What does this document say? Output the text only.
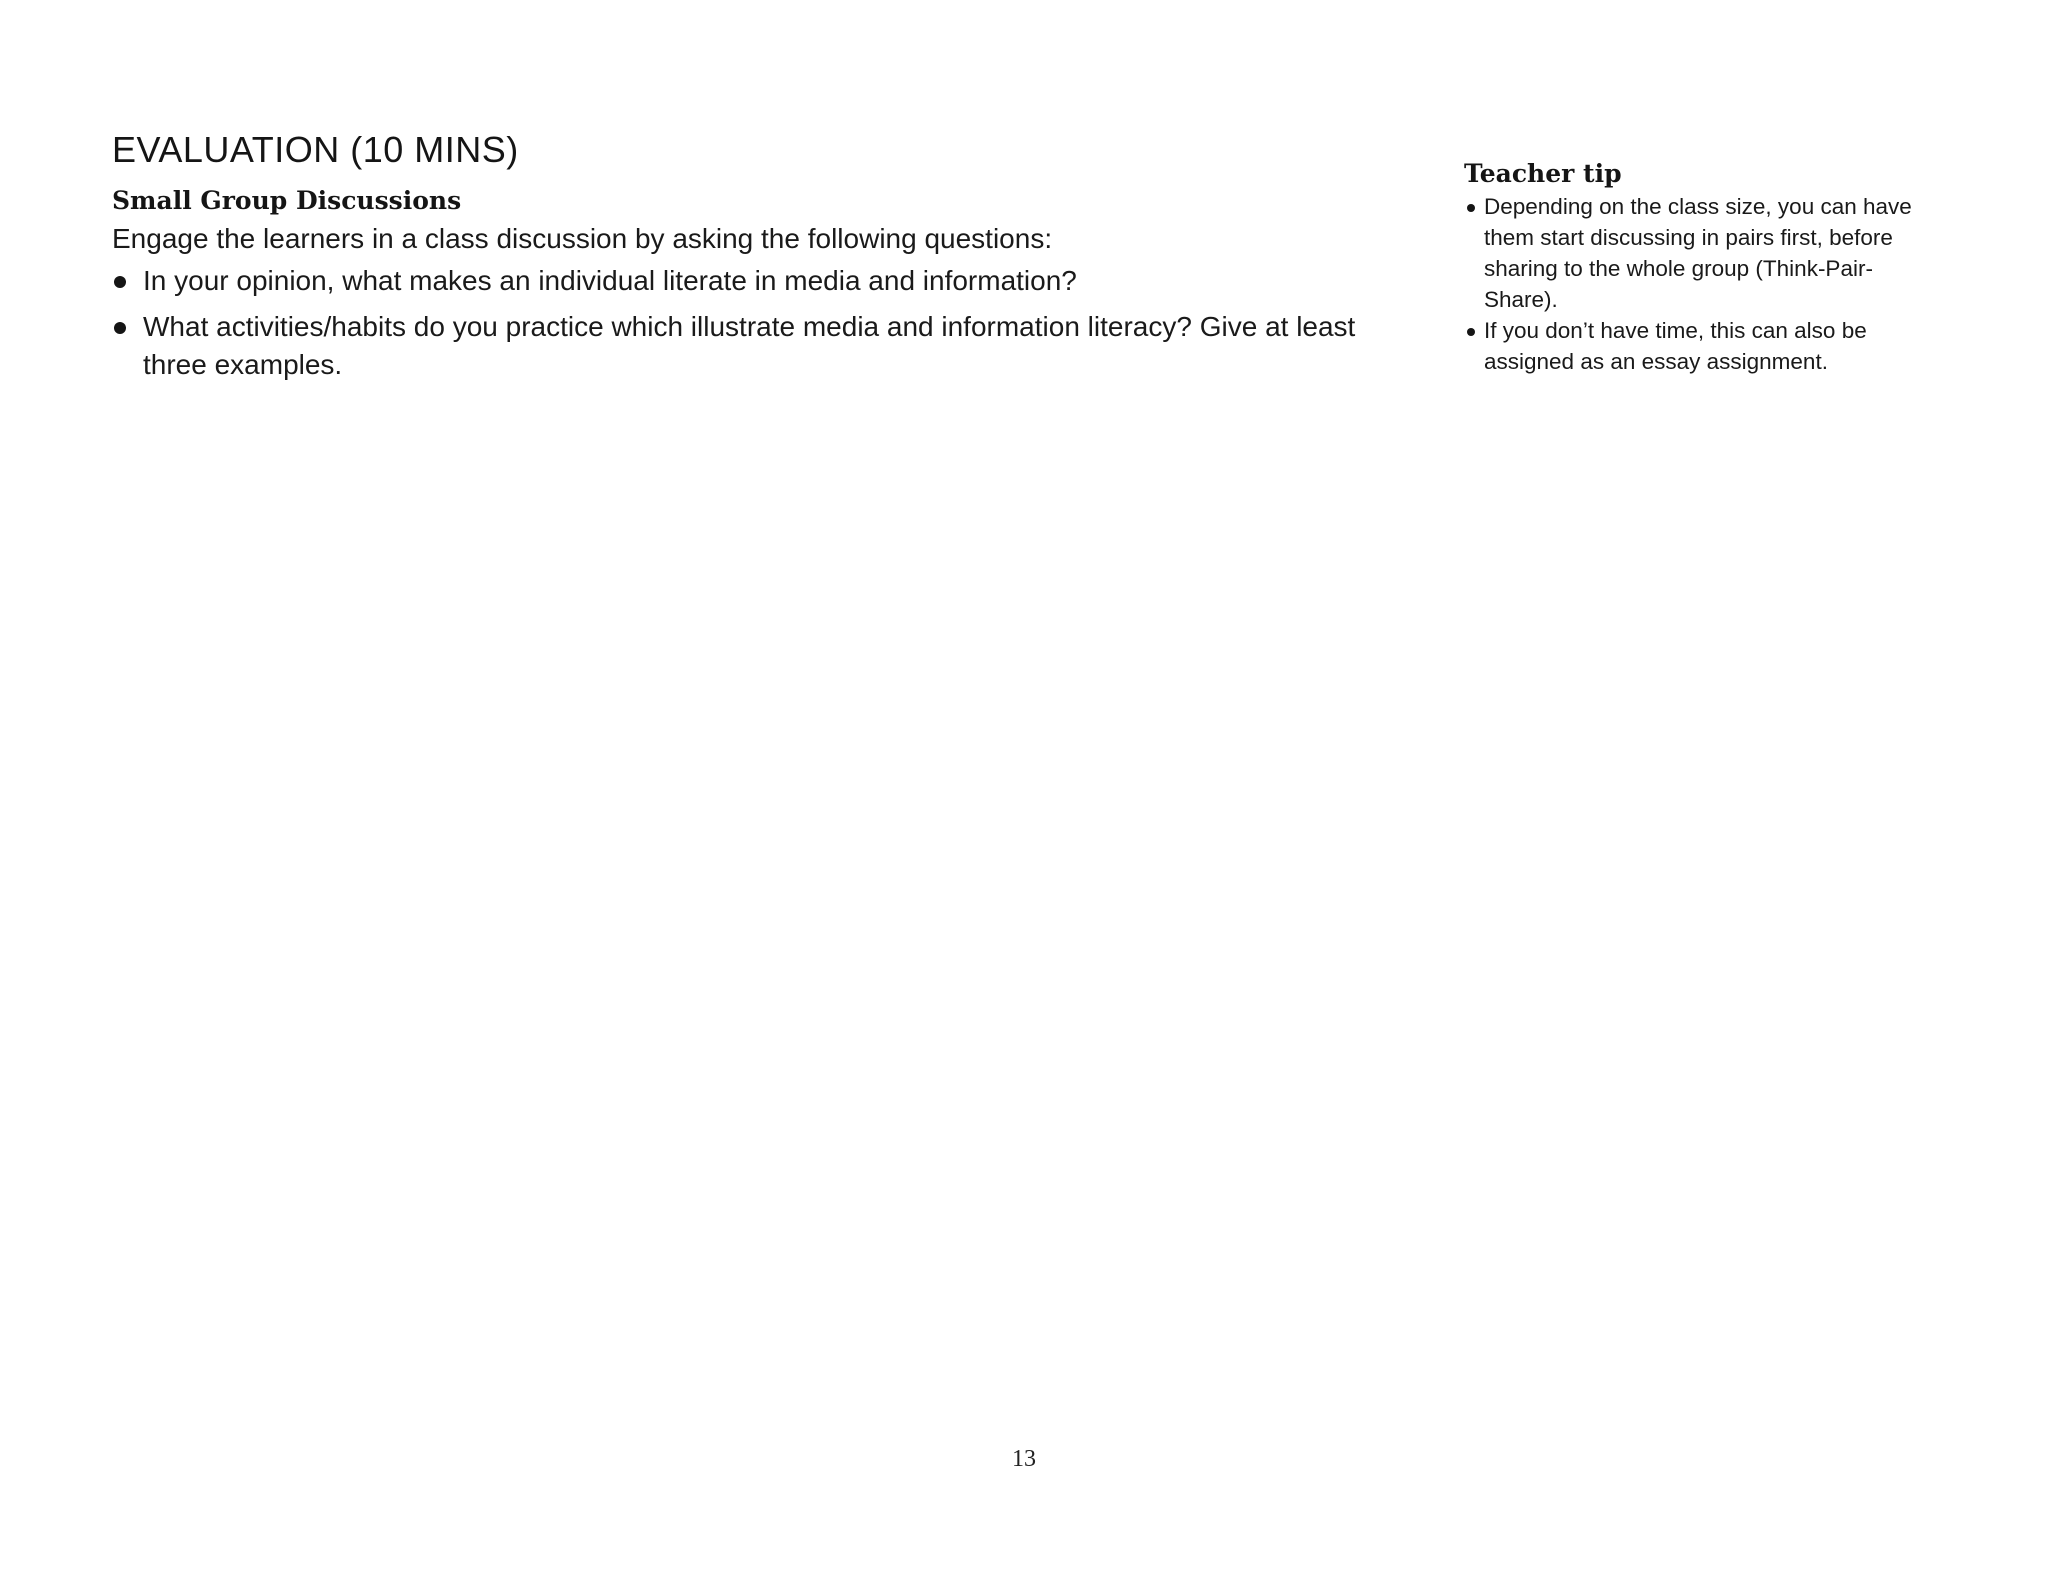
EVALUATION (10 MINS)
Small Group Discussions

Engage the learners in a class discussion by asking the following questions:

In your opinion, what makes an individual literate in media and information?
What activities/habits do you practice which illustrate media and information literacy? Give at least three examples.
Teacher tip
Depending on the class size, you can have them start discussing in pairs first, before sharing to the whole group (Think-Pair-Share).
If you don’t have time, this can also be assigned as an essay assignment.
13
